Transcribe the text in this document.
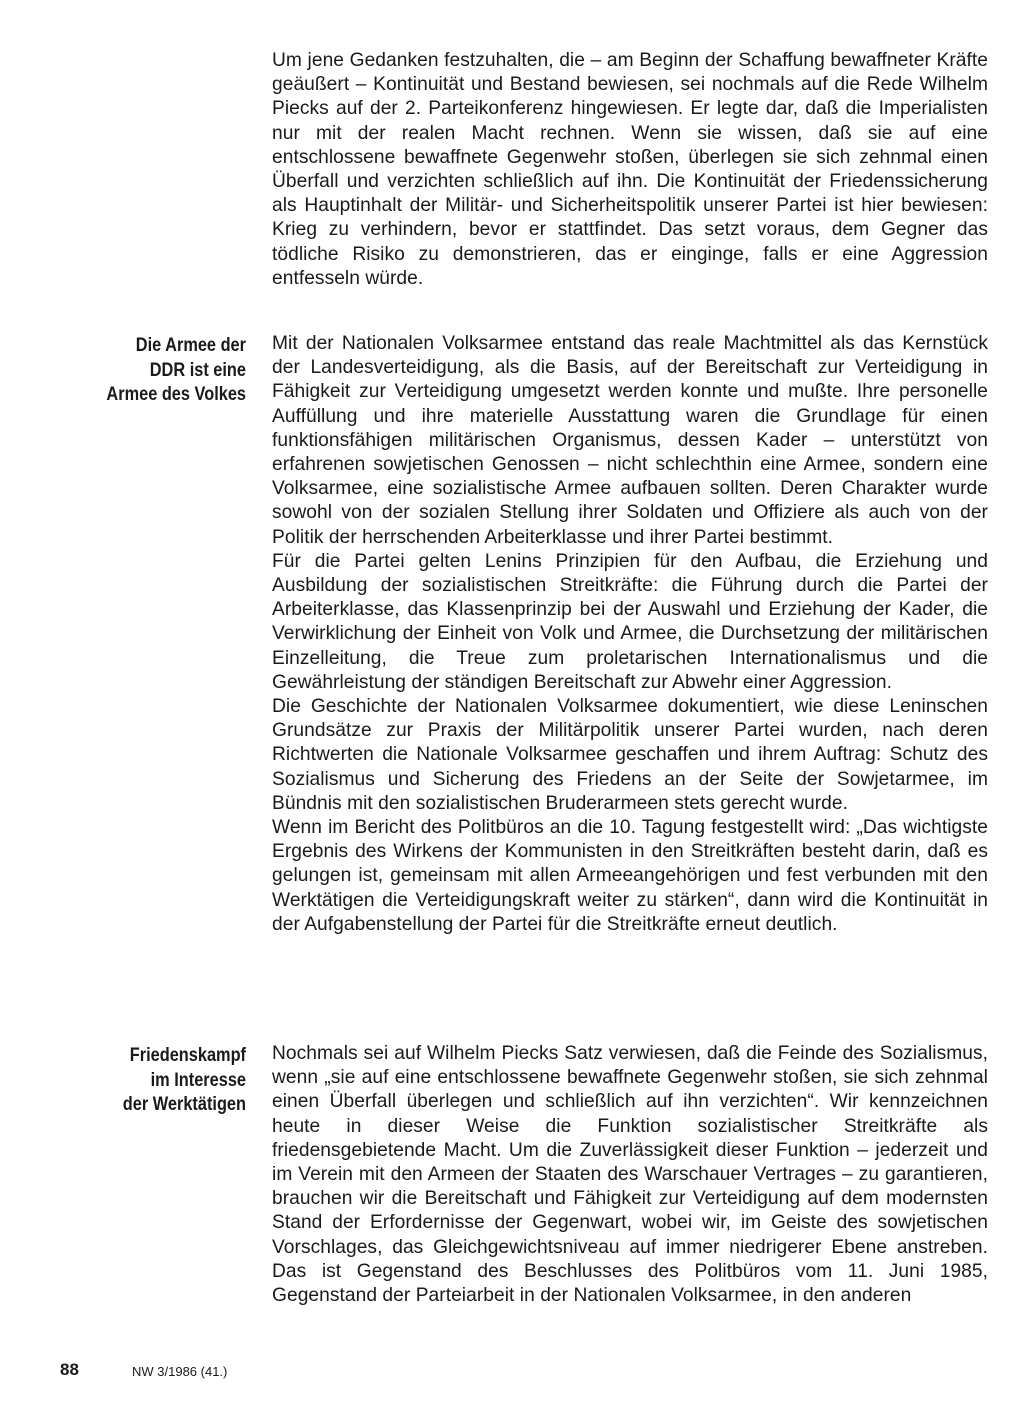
Um jene Gedanken festzuhalten, die – am Beginn der Schaffung bewaffneter Kräfte geäußert – Kontinuität und Bestand bewiesen, sei nochmals auf die Rede Wilhelm Piecks auf der 2. Parteikonferenz hingewiesen. Er legte dar, daß die Imperialisten nur mit der realen Macht rechnen. Wenn sie wissen, daß sie auf eine entschlossene bewaffnete Gegenwehr stoßen, überlegen sie sich zehnmal einen Überfall und verzichten schließlich auf ihn. Die Kontinuität der Friedenssicherung als Hauptinhalt der Militär- und Sicherheitspolitik unserer Partei ist hier bewiesen: Krieg zu verhindern, bevor er stattfindet. Das setzt voraus, dem Gegner das tödliche Risiko zu demonstrieren, das er einginge, falls er eine Aggression entfesseln würde.

Die Armee der
DDR ist eine
Armee des Volkes

Mit der Nationalen Volksarmee entstand das reale Machtmittel als das Kernstück der Landesverteidigung, als die Basis, auf der Bereitschaft zur Verteidigung in Fähigkeit zur Verteidigung umgesetzt werden konnte und mußte. Ihre personelle Auffüllung und ihre materielle Ausstattung waren die Grundlage für einen funktionsfähigen militärischen Organismus, dessen Kader – unterstützt von erfahrenen sowjetischen Genossen – nicht schlechthin eine Armee, sondern eine Volksarmee, eine sozialistische Armee aufbauen sollten. Deren Charakter wurde sowohl von der sozialen Stellung ihrer Soldaten und Offiziere als auch von der Politik der herrschenden Arbeiterklasse und ihrer Partei bestimmt.

Für die Partei gelten Lenins Prinzipien für den Aufbau, die Erziehung und Ausbildung der sozialistischen Streitkräfte: die Führung durch die Partei der Arbeiterklasse, das Klassenprinzip bei der Auswahl und Erziehung der Kader, die Verwirklichung der Einheit von Volk und Armee, die Durchsetzung der militärischen Einzelleitung, die Treue zum proletarischen Internationalismus und die Gewährleistung der ständigen Bereitschaft zur Abwehr einer Aggression.

Die Geschichte der Nationalen Volksarmee dokumentiert, wie diese Leninschen Grundsätze zur Praxis der Militärpolitik unserer Partei wurden, nach deren Richtwerten die Nationale Volksarmee geschaffen und ihrem Auftrag: Schutz des Sozialismus und Sicherung des Friedens an der Seite der Sowjetarmee, im Bündnis mit den sozialistischen Bruderarmeen stets gerecht wurde.

Wenn im Bericht des Politbüros an die 10. Tagung festgestellt wird: „Das wichtigste Ergebnis des Wirkens der Kommunisten in den Streitkräften besteht darin, daß es gelungen ist, gemeinsam mit allen Armeeangehörigen und fest verbunden mit den Werktätigen die Verteidigungskraft weiter zu stärken“, dann wird die Kontinuität in der Aufgabenstellung der Partei für die Streitkräfte erneut deutlich.

Friedenskampf
im Interesse
der Werktätigen

Nochmals sei auf Wilhelm Piecks Satz verwiesen, daß die Feinde des Sozialismus, wenn „sie auf eine entschlossene bewaffnete Gegenwehr stoßen, sie sich zehnmal einen Überfall überlegen und schließlich auf ihn verzichten“. Wir kennzeichnen heute in dieser Weise die Funktion sozialistischer Streitkräfte als friedensgebietende Macht. Um die Zuverlässigkeit dieser Funktion – jederzeit und im Verein mit den Armeen der Staaten des Warschauer Vertrages – zu garantieren, brauchen wir die Bereitschaft und Fähigkeit zur Verteidigung auf dem modernsten Stand der Erfordernisse der Gegenwart, wobei wir, im Geiste des sowjetischen Vorschlages, das Gleichgewichtsniveau auf immer niedrigerer Ebene anstreben. Das ist Gegenstand des Beschlusses des Politbüros vom 11. Juni 1985, Gegenstand der Parteiarbeit in der Nationalen Volksarmee, in den anderen

88	NW 3/1986 (41.)
